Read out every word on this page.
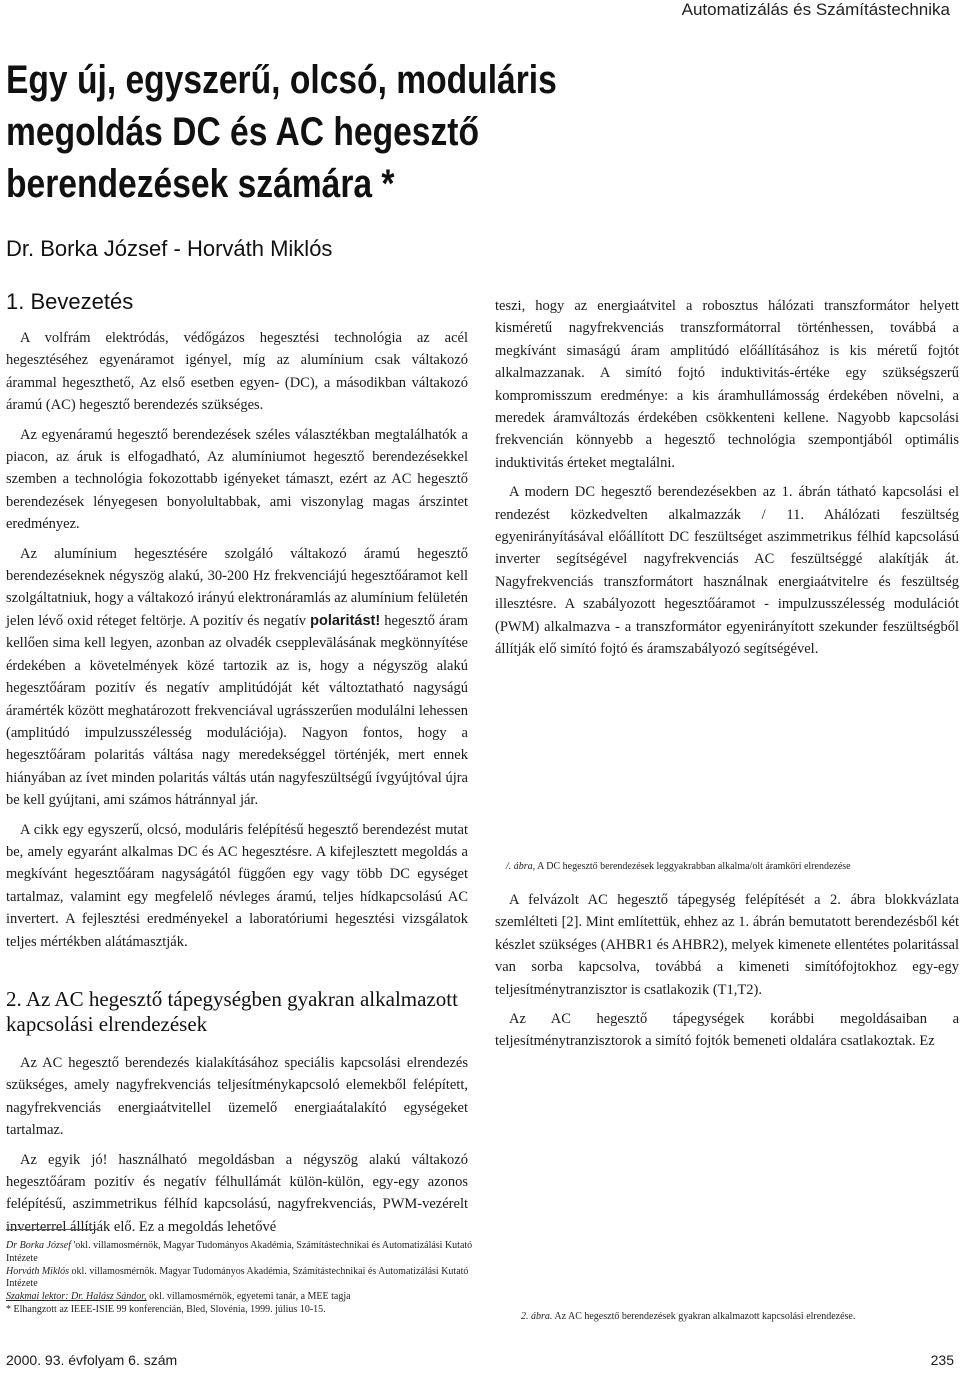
Automatizálás és Számítástechnika
Egy új, egyszerű, olcsó, moduláris
megoldás DC és AC hegesztő
berendezések számára *
Dr. Borka József - Horváth Miklós
1. Bevezetés

A volfrám elektródás, védőgázos hegesztési technológia az acél hegesztéséhez egyenáramot igényel, míg az alumínium csak váltakozó árammal hegeszthető, Az első esetben egyen- (DC), a másodikban váltakozó áramú (AC) hegesztő berendezés szükséges.

Az egyenáramú hegesztő berendezések széles választékban megtalálhatók a piacon, az áruk is elfogadható, Az alumíniumot hegesztő berendezésekkel szemben a technológia fokozottabb igényeket támaszt, ezért az AC hegesztő berendezések lényegesen bonyolultabbak, ami viszonylag magas árszintet eredményez.

Az alumínium hegesztésére szolgáló váltakozó áramú hegesztő berendezéseknek négyszög alakú, 30-200 Hz frekvenciájú hegesztőáramot kell szolgáltatniuk, hogy a váltakozó irányú elektronáramlás az alumínium felületén jelen lévő oxid réteget feltörje. A pozitív és negatív polaritást! hegesztő áram kellően sima kell legyen, azonban az olvadék csepplevālásának megkönnyítése érdekében a követelmények közé tartozik az is, hogy a négyszög alakú hegesztőáram pozitív és negatív amplitúdóját két változtatható nagyságú áramérték között meghatározott frekvenciával ugrásszerűen modulálni lehessen (amplitúdó impulzusszélesség modulációja). Nagyon fontos, hogy a hegesztőáram polaritás váltása nagy meredekséggel történjék, mert ennek hiányában az ívet minden polaritás váltás után nagyfeszültségű ívgyújtóval újra be kell gyújtani, ami számos hátránnyal jár.

A cikk egy egyszerű, olcsó, moduláris felépítésű hegesztő berendezést mutat be, amely egyaránt alkalmas DC és AC hegesztésre. A kifejlesztett megoldás a megkívánt hegesztőáram nagyságától függően egy vagy több DC egységet tartalmaz, valamint egy megfelelő névleges áramú, teljes hídkapcsolású AC invertert. A fejlesztési eredményekel a laboratóriumi hegesztési vizsgálatok teljes mértékben alátámasztják.

2. Az AC hegesztő tápegységben gyakran alkalmazott kapcsolási elrendezések

Az AC hegesztő berendezés kialakításához speciális kapcsolási elrendezés szükséges, amely nagyfrekvenciás teljesítménykapcsoló elemekből felépített, nagyfrekvenciás energiaátvitellel üzemelő energiaátalakító egységeket tartalmaz.

Az egyik jó! használható megoldásban a négyszög alakú váltakozó hegesztőáram pozitív és negatív félhullámát külön-külön, egy-egy azonos felépítésű, aszimmetrikus félhíd kapcsolású, nagyfrekvenciás, PWM-vezérelt inverterrel állítják elő. Ez a megoldás lehetővé

teszi, hogy az energiaátvitel a robosztus hálózati transzformátor helyett kisméretű nagyfrekvenciás transzformátorral történhessen, továbbá a megkívánt simaságú áram amplitúdó előállításához is kis méretű fojtót alkalmazzanak. A simító fojtó induktivitás-értéke egy szükségszerű kompromisszum eredménye: a kis áramhullámosság érdekében növelni, a meredek áramváltozás érdekében csökkenteni kellene. Nagyobb kapcsolási frekvencián könnyebb a hegesztő technológia szempontjából optimális induktivitás érteket megtalálni.

A modern DC hegesztő berendezésekben az 1. ábrán tátható kapcsolási el rendezést közkedvelten alkalmazzák / 11. Ahálózati feszültség egyenirányításával előállított DC feszültséget aszimmetrikus félhíd kapcsolású inverter segítségével nagyfrekvenciás AC feszültséggé alakítják át. Nagyfrekvenciás transzformátort használnak energiaátvitelre és feszültség illesztésre. A szabályozott hegesztőáramot - impulzusszélesség modulációt (PWM) alkalmazva - a transzformátor egyenirányított szekunder feszültségből állítják elő simító fojtó és áramszabályozó segítségével.

/. ábra, A DC hegesztő berendezések leggyakrabban alkalma/olt áramköri elrendezése

A felvázolt AC hegesztő tápegység felépítését a 2. ábra blokkvázlata szemlélteti [2]. Mint említettük, ehhez az 1. ábrán bemutatott berendezésből két készlet szükséges (AHBR1 és AHBR2), melyek kimenete ellentétes polaritással van sorba kapcsolva, továbbá a kimeneti simítófojtokhoz egy-egy teljesítménytranzisztor is csatlakozik (T1,T2).

Az AC hegesztő tápegységek korábbi megoldásaiban a teljesítménytranzisztorok a simító fojtók bemeneti oldalára csatlakoztak. Ez

2. ábra. Az AC hegesztő berendezések gyakran alkalmazott kapcsolási elrendezése.
Dr Borka József 'okl. villamosmérnök, Magyar Tudományos Akadémia, Számítástechnikai és Automatizálási Kutató Intézete
Horváth Miklós okl. villamosmérnök. Magyar Tudományos Akadémia, Számítástechnikai és Automatizálási Kutató Intézete
Szakmai lektor: Dr. Halász Sándor, okl. villamosmérnök, egyetemi tanár, a MEE tagja
* Elhangzott az IEEE-ISIE 99 konferencián, Bled, Slovénia, 1999. július 10-15.
2000. 93. évfolyam 6. szám	235
